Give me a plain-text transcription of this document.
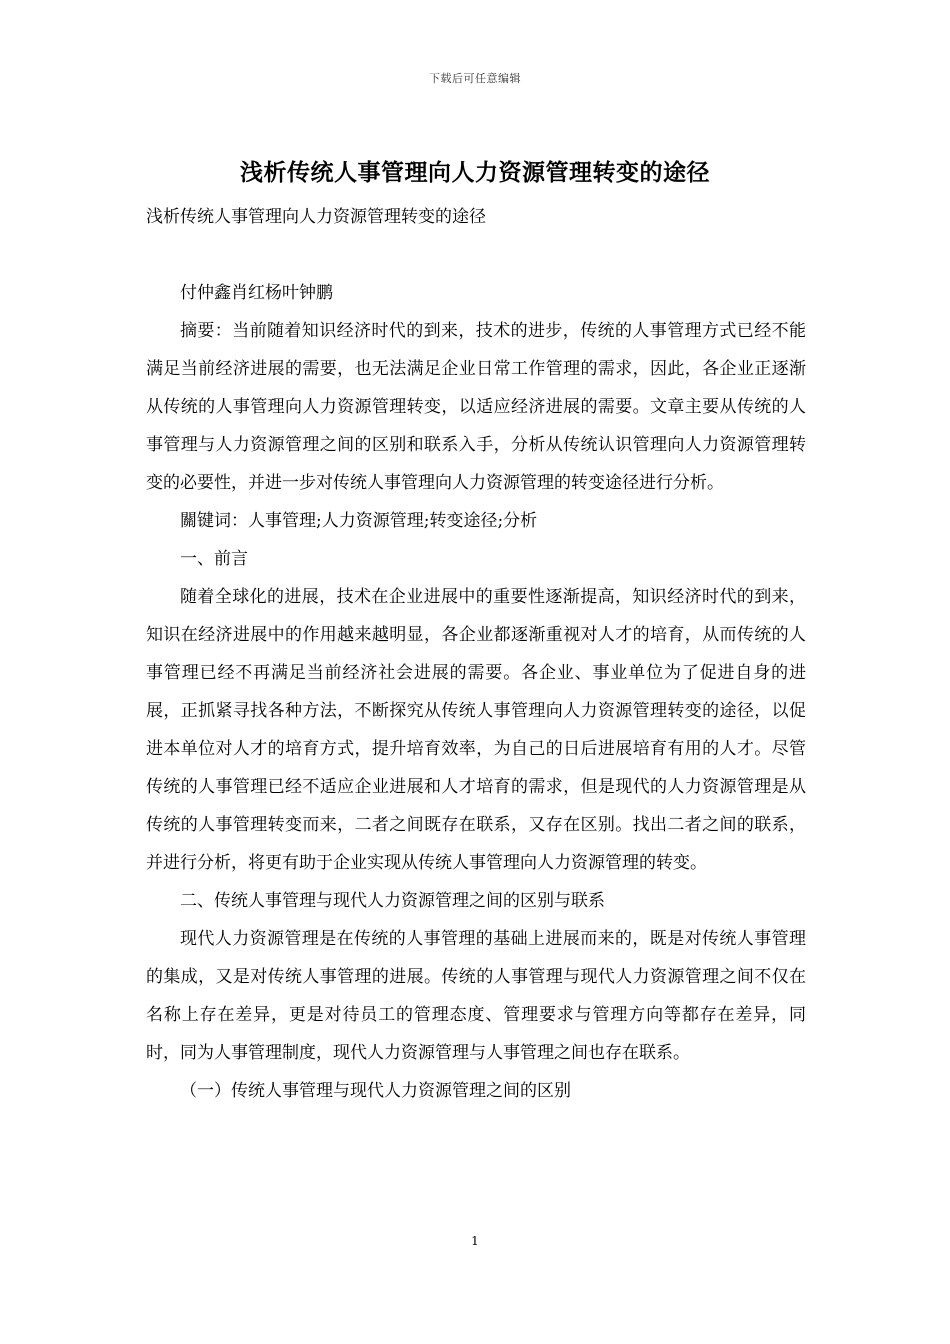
下载后可任意编辑
浅析传统人事管理向人力资源管理转变的途径

浅析传统人事管理向人力资源管理转变的途径

付仲鑫肖红杨叶钟鹏

摘要：当前随着知识经济时代的到来，技术的进步，传统的人事管理方式已经不能满足当前经济进展的需要，也无法满足企业日常工作管理的需求，因此，各企业正逐渐从传统的人事管理向人力资源管理转变，以适应经济进展的需要。文章主要从传统的人事管理与人力资源管理之间的区别和联系入手，分析从传统认识管理向人力资源管理转变的必要性，并进一步对传统人事管理向人力资源管理的转变途径进行分析。

關键词：人事管理;人力资源管理;转变途径;分析

一、前言

随着全球化的进展，技术在企业进展中的重要性逐渐提高，知识经济时代的到来，知识在经济进展中的作用越来越明显，各企业都逐渐重视对人才的培育，从而传统的人事管理已经不再满足当前经济社会进展的需要。各企业、事业单位为了促进自身的进展，正抓紧寻找各种方法，不断探究从传统人事管理向人力资源管理转变的途径，以促进本单位对人才的培育方式，提升培育效率，为自己的日后进展培育有用的人才。尽管传统的人事管理已经不适应企业进展和人才培育的需求，但是现代的人力资源管理是从传统的人事管理转变而来，二者之间既存在联系，又存在区别。找出二者之间的联系，并进行分析，将更有助于企业实现从传统人事管理向人力资源管理的转变。

二、传统人事管理与现代人力资源管理之间的区别与联系

现代人力资源管理是在传统的人事管理的基础上进展而来的，既是对传统人事管理的集成，又是对传统人事管理的进展。传统的人事管理与现代人力资源管理之间不仅在名称上存在差异，更是对待员工的管理态度、管理要求与管理方向等都存在差异，同时，同为人事管理制度，现代人力资源管理与人事管理之间也存在联系。

（一）传统人事管理与现代人力资源管理之间的区别

1
